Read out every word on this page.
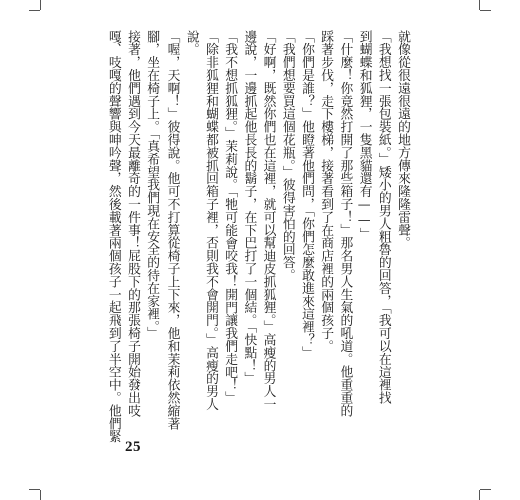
就像從很遠很遠的地方傳來隆隆雷聲。
「我想找一張包裝紙。」矮小的男人粗魯的回答，「我可以在這裡找
到蝴蝶和狐狸，一隻黑貓還有——」
「什麼！你竟然打開了那些箱子！」那名男人生氣的吼道。他重重的
踩著步伐，走下樓梯，接著看到了在商店裡的兩個孩子。
「你們是誰？」他瞪著他們問，「你們怎麼敢進來這裡？」
「我們想要買這個花瓶。」彼得害怕的回答。
「好啊，既然你們也在這裡，就可以幫迪皮抓狐狸。」高瘦的男人一
邊說，一邊抓起他長長的鬍子，在下巴打了一個結。「快點！」
「我不想抓狐狸。」茉莉說。「牠可能會咬我！開門讓我們走吧！」
「除非狐狸和蝴蝶都被抓回箱子裡，否則我不會開門。」高瘦的男人
說。
「喔，天啊！」彼得說。他可不打算從椅子上下來，他和茉莉依然縮著
腳，坐在椅子上。「真希望我們現在安全的待在家裡。」
接著，他們遇到今天最離奇的一件事！屁股下的那張椅子開始發出吱
嘎、吱嘎的聲響與呻吟聲，然後載著兩個孩子一起飛到了半空中。他們緊
25
